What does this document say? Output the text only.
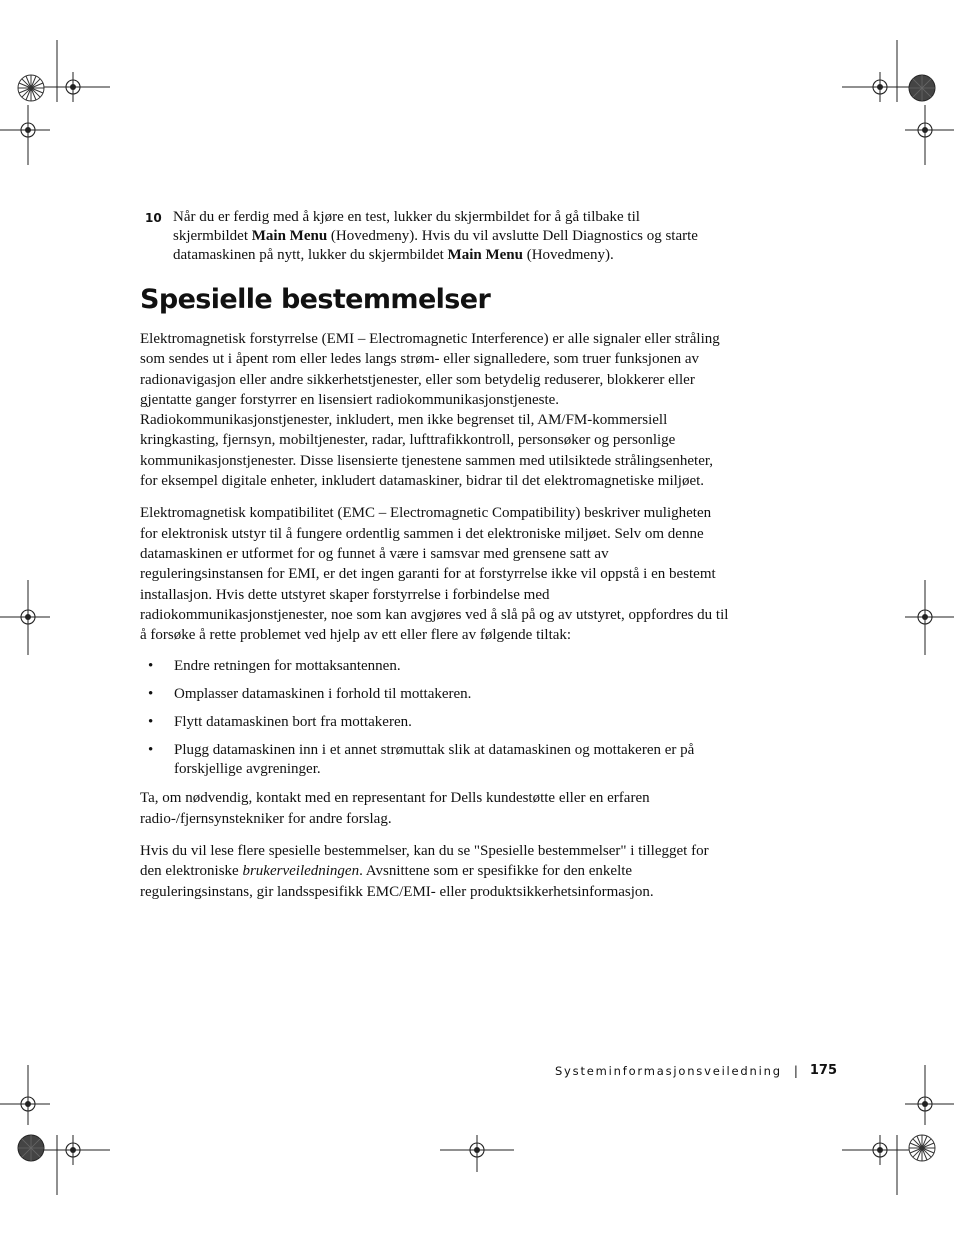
10 Når du er ferdig med å kjøre en test, lukker du skjermbildet for å gå tilbake til skjermbildet Main Menu (Hovedmeny). Hvis du vil avslutte Dell Diagnostics og starte datamaskinen på nytt, lukker du skjermbildet Main Menu (Hovedmeny).
Spesielle bestemmelser

Elektromagnetisk forstyrrelse (EMI – Electromagnetic Interference) er alle signaler eller stråling som sendes ut i åpent rom eller ledes langs strøm- eller signalledere, som truer funksjonen av radionavigasjon eller andre sikkerhetstjenester, eller som betydelig reduserer, blokkerer eller gjentatte ganger forstyrrer en lisensiert radiokommunikasjonstjeneste. Radiokommunikasjonstjenester, inkludert, men ikke begrenset til, AM/FM-kommersiell kringkasting, fjernsyn, mobiltjenester, radar, lufttrafikkontroll, personsøker og personlige kommunikasjonstjenester. Disse lisensierte tjenestene sammen med utilsiktede strålingsenheter, for eksempel digitale enheter, inkludert datamaskiner, bidrar til det elektromagnetiske miljøet.

Elektromagnetisk kompatibilitet (EMC – Electromagnetic Compatibility) beskriver muligheten for elektronisk utstyr til å fungere ordentlig sammen i det elektroniske miljøet. Selv om denne datamaskinen er utformet for og funnet å være i samsvar med grensene satt av reguleringsinstansen for EMI, er det ingen garanti for at forstyrrelse ikke vil oppstå i en bestemt installasjon. Hvis dette utstyret skaper forstyrrelse i forbindelse med radiokommunikasjonstjenester, noe som kan avgjøres ved å slå på og av utstyret, oppfordres du til å forsøke å rette problemet ved hjelp av ett eller flere av følgende tiltak:

• Endre retningen for mottaksantennen.
• Omplasser datamaskinen i forhold til mottakeren.
• Flytt datamaskinen bort fra mottakeren.
• Plugg datamaskinen inn i et annet strømuttak slik at datamaskinen og mottakeren er på forskjellige avgreninger.

Ta, om nødvendig, kontakt med en representant for Dells kundestøtte eller en erfaren radio-/fjernsynstekniker for andre forslag.

Hvis du vil lese flere spesielle bestemmelser, kan du se "Spesielle bestemmelser" i tillegget for den elektroniske brukerveiledningen. Avsnittene som er spesifikke for den enkelte reguleringsinstans, gir landsspesifikk EMC/EMI- eller produktsikkerhetsinformasjon.

Systeminformasjonsveiledning | 175
